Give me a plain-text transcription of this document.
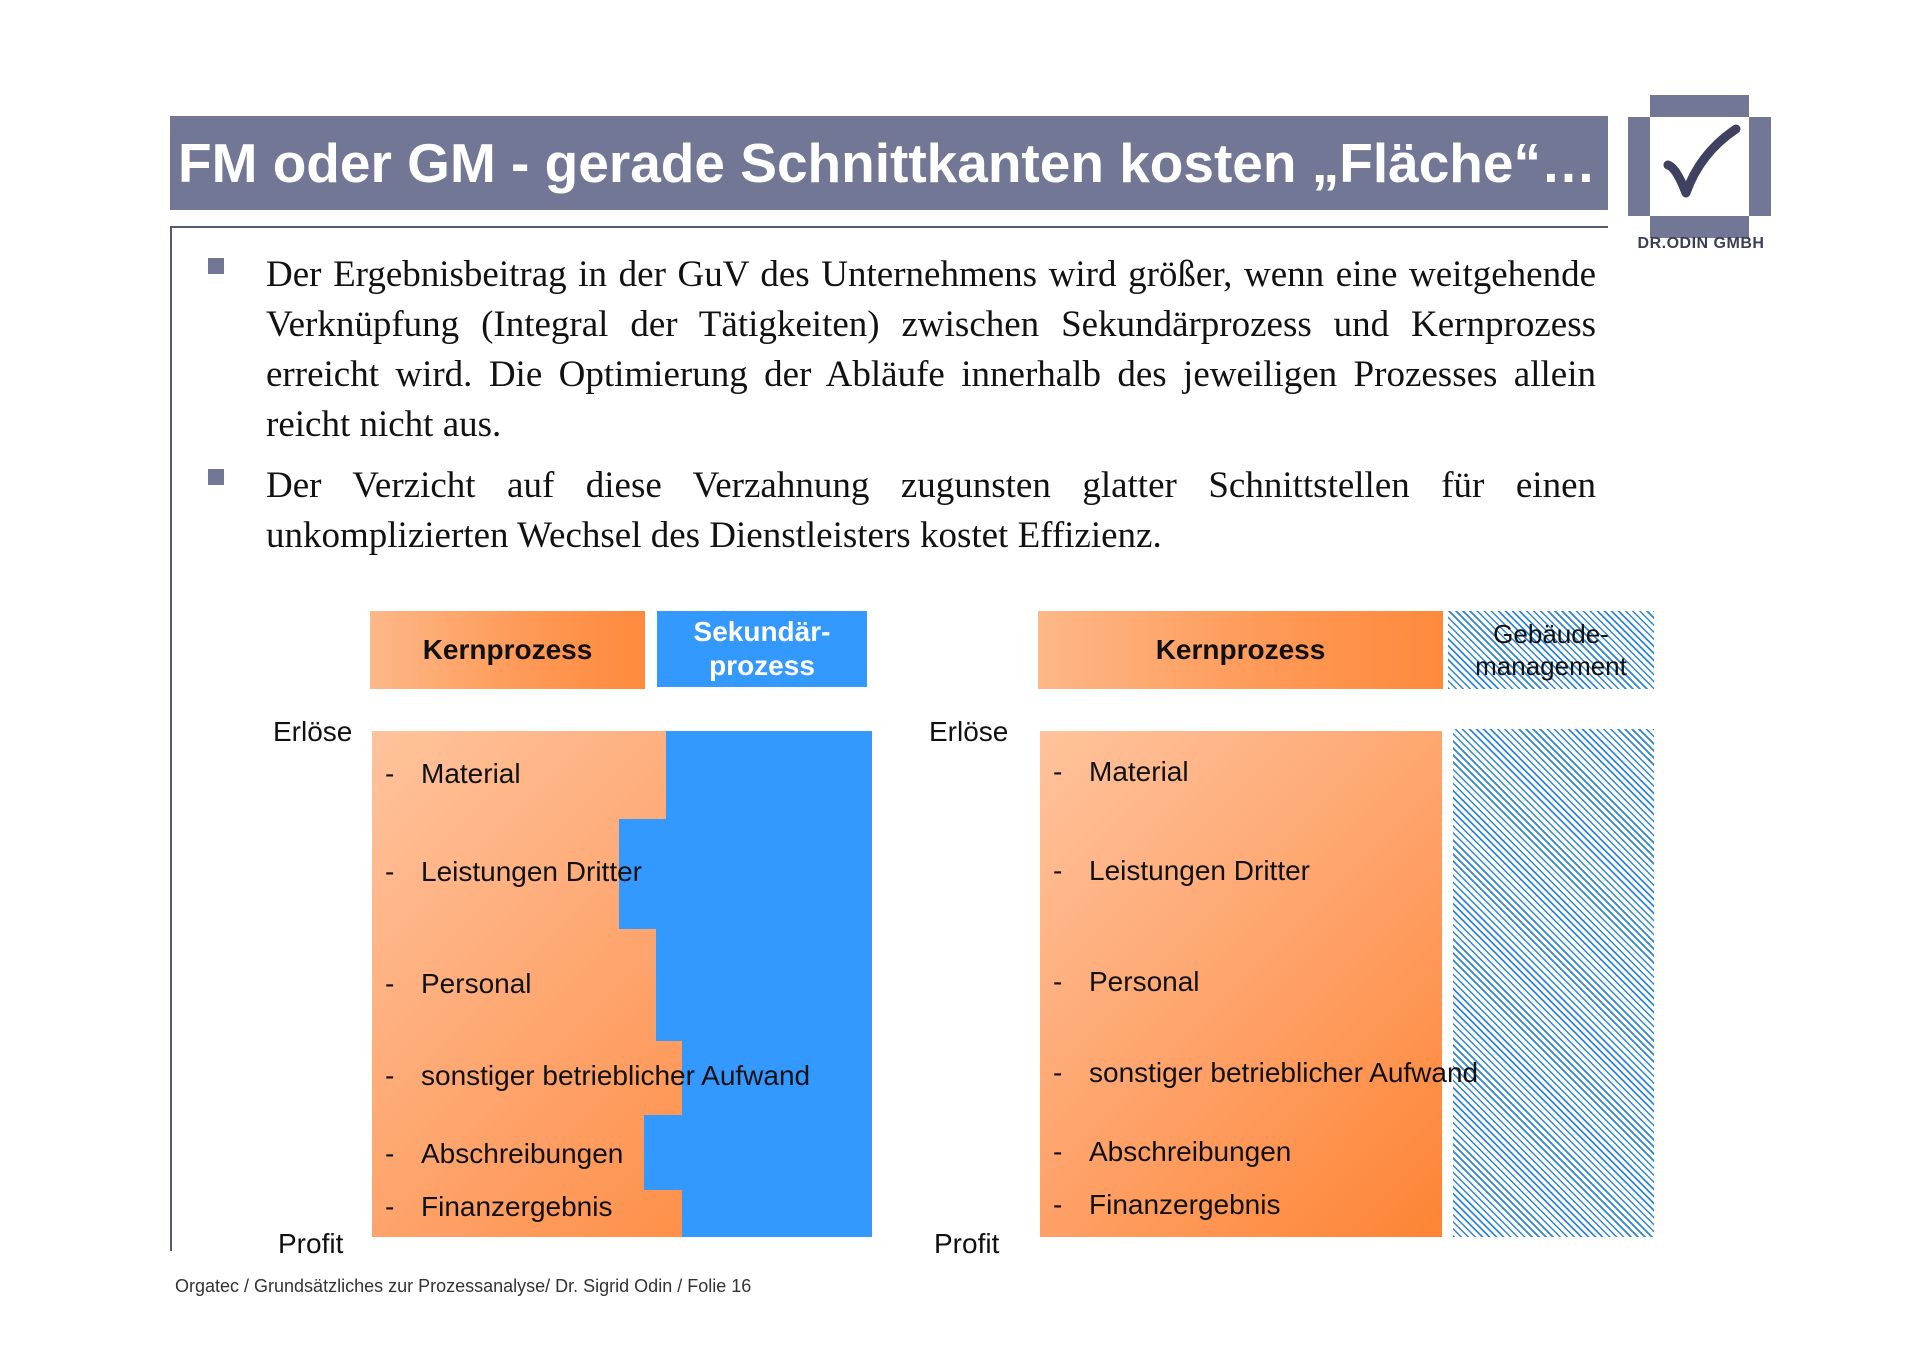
FM oder GM - gerade Schnittkanten kosten „Fläche“…
DR.ODIN GMBH
Der Ergebnisbeitrag in der GuV des Unternehmens wird größer, wenn eine weitgehende Verknüpfung (Integral der Tätigkeiten) zwischen Sekundärprozess und Kernprozess erreicht wird. Die Optimierung der Abläufe innerhalb des jeweiligen Prozesses allein reicht nicht aus.
Der Verzicht auf diese Verzahnung zugunsten glatter Schnittstellen für einen unkomplizierten Wechsel des Dienstleisters kostet Effizienz.
Kernprozess
Sekundär-
prozess
Erlöse
Profit
- Material
- Leistungen Dritter
- Personal
- sonstiger betrieblicher Aufwand
- Abschreibungen
- Finanzergebnis
Kernprozess	Gebäude-
management
Erlöse
Profit
- Material
- Leistungen Dritter
- Personal
- sonstiger betrieblicher Aufwand
- Abschreibungen
- Finanzergebnis
Orgatec / Grundsätzliches zur Prozessanalyse/ Dr. Sigrid Odin / Folie 16
